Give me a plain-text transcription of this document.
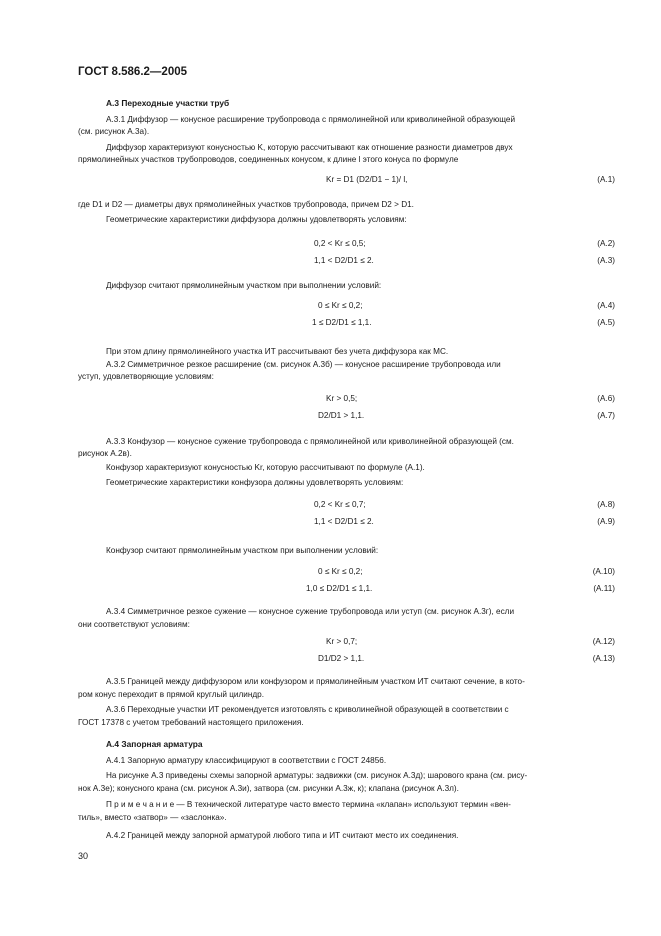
ГОСТ 8.586.2—2005
А.3 Переходные участки труб
А.3.1 Диффузор — конусное расширение трубопровода с прямолинейной или криволинейной образующей
(см. рисунок А.3а).
Диффузор характеризуют конусностью K, которую рассчитывают как отношение разности диаметров двух
прямолинейных участков трубопроводов, соединенных конусом, к длине l этого конуса по формуле
Kr = D1 (D2/D1 − 1)/ l,	(А.1)
где D1 и D2 — диаметры двух прямолинейных участков трубопровода, причем D2 > D1.
Геометрические характеристики диффузора должны удовлетворять условиям:
0,2 < Kr ≤ 0,5;	(А.2)
1,1 < D2/D1 ≤ 2.	(А.3)
Диффузор считают прямолинейным участком при выполнении условий:
0 ≤ Kr ≤ 0,2;	(А.4)
1 ≤ D2/D1 ≤ 1,1.	(А.5)
При этом длину прямолинейного участка ИТ рассчитывают без учета диффузора как МС.
А.3.2 Симметричное резкое расширение (см. рисунок А.3б) — конусное расширение трубопровода или
уступ, удовлетворяющие условиям:
Kr > 0,5;	(А.6)
D2/D1 > 1,1.	(А.7)
А.3.3 Конфузор — конусное сужение трубопровода с прямолинейной или криволинейной образующей (см.
рисунок А.2в).
Конфузор характеризуют конусностью Kr, которую рассчитывают по формуле (А.1).
Геометрические характеристики конфузора должны удовлетворять условиям:
0,2 < Kr ≤ 0,7;	(А.8)
1,1 < D2/D1 ≤ 2.	(А.9)
Конфузор считают прямолинейным участком при выполнении условий:
0 ≤ Kr ≤ 0,2;	(А.10)
1,0 ≤ D2/D1 ≤ 1,1.	(А.11)
А.3.4 Симметричное резкое сужение — конусное сужение трубопровода или уступ (см. рисунок А.3г), если
они соответствуют условиям:
Kr > 0,7;	(А.12)
D1/D2 > 1,1.	(А.13)
А.3.5 Границей между диффузором или конфузором и прямолинейным участком ИТ считают сечение, в кото-
ром конус переходит в прямой круглый цилиндр.
А.3.6 Переходные участки ИТ рекомендуется изготовлять с криволинейной образующей в соответствии с
ГОСТ 17378 с учетом требований настоящего приложения.
А.4 Запорная арматура
А.4.1 Запорную арматуру классифицируют в соответствии с ГОСТ 24856.
На рисунке А.3 приведены схемы запорной арматуры: задвижки (см. рисунок А.3д); шарового крана (см. рису-
нок А.3е); конусного крана (см. рисунок А.3и), затвора (см. рисунки А.3ж, к); клапана (рисунок А.3л).
П р и м е ч а н и е — В технической литературе часто вместо термина «клапан» используют термин «вен-
тиль», вместо «затвор» — «заслонка».
А.4.2 Границей между запорной арматурой любого типа и ИТ считают место их соединения.
30
